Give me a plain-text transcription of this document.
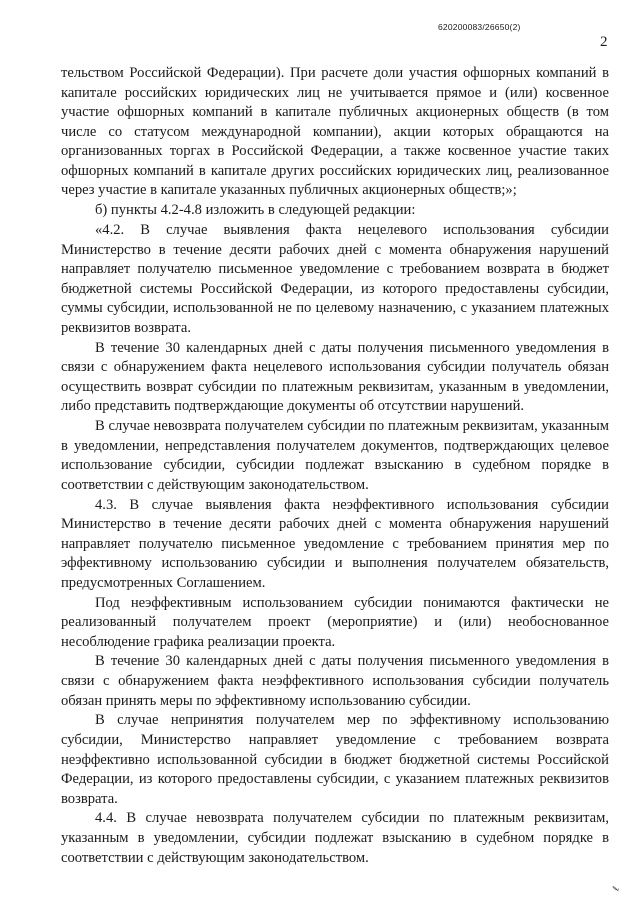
620200083/26650(2)
2

тельством Российской Федерации). При расчете доли участия офшорных компаний в капитале российских юридических лиц не учитывается прямое и (или) косвенное участие офшорных компаний в капитале публичных акционерных обществ (в том числе со статусом международной компании), акции которых обращаются на организованных торгах в Российской Федерации, а также косвенное участие таких офшорных компаний в капитале других российских юридических лиц, реализованное через участие в капитале указанных публичных акционерных обществ;»;

б) пункты 4.2-4.8 изложить в следующей редакции:

«4.2. В случае выявления факта нецелевого использования субсидии Министерство в течение десяти рабочих дней с момента обнаружения нарушений направляет получателю письменное уведомление с требованием возврата в бюджет бюджетной системы Российской Федерации, из которого предоставлены субсидии, суммы субсидии, использованной не по целевому назначению, с указанием платежных реквизитов возврата.

В течение 30 календарных дней с даты получения письменного уведомления в связи с обнаружением факта нецелевого использования субсидии получатель обязан осуществить возврат субсидии по платежным реквизитам, указанным в уведомлении, либо представить подтверждающие документы об отсутствии нарушений.

В случае невозврата получателем субсидии по платежным реквизитам, указанным в уведомлении, непредставления получателем документов, подтверждающих целевое использование субсидии, субсидии подлежат взысканию в судебном порядке в соответствии с действующим законодательством.

4.3. В случае выявления факта неэффективного использования субсидии Министерство в течение десяти рабочих дней с момента обнаружения нарушений направляет получателю письменное уведомление с требованием принятия мер по эффективному использованию субсидии и выполнения получателем обязательств, предусмотренных Соглашением.

Под неэффективным использованием субсидии понимаются фактически не реализованный получателем проект (мероприятие) и (или) необоснованное несоблюдение графика реализации проекта.

В течение 30 календарных дней с даты получения письменного уведомления в связи с обнаружением факта неэффективного использования субсидии получатель обязан принять меры по эффективному использованию субсидии.

В случае непринятия получателем мер по эффективному использованию субсидии, Министерство направляет уведомление с требованием возврата неэффективно использованной субсидии в бюджет бюджетной системы Российской Федерации, из которого предоставлены субсидии, с указанием платежных реквизитов возврата.

4.4. В случае невозврата получателем субсидии по платежным реквизитам, указанным в уведомлении, субсидии подлежат взысканию в судебном порядке в соответствии с действующим законодательством.

ℓ
